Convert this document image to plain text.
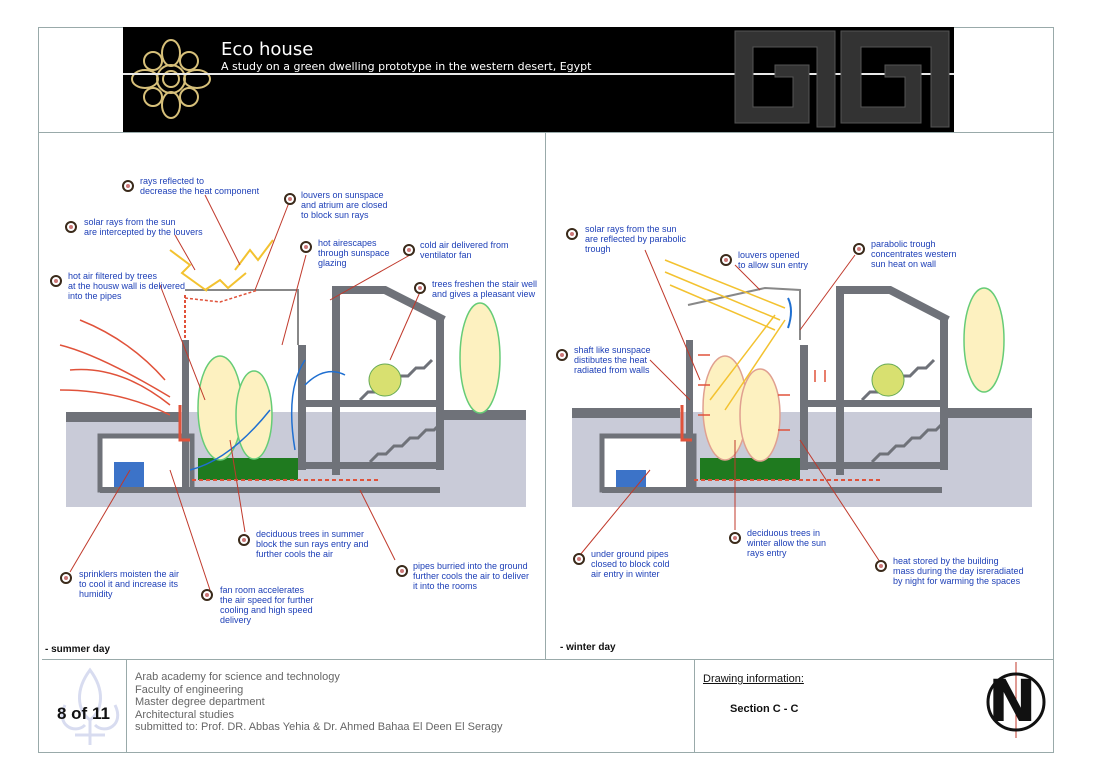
Eco house
A study on a green dwelling prototype in the western desert, Egypt
rays reflected to
decrease the heat component	louvers on sunspace
and atrium are closed
to block sun rays
solar rays from the sun
are intercepted by the louvers
hot airescapes
through sunspace
glazing
cold air delivered from
ventilator fan
hot air filtered by trees
at the housw wall is delivered
into the pipes
trees freshen the stair well
and gives a pleasant view
deciduous trees in summer
block the sun rays entry and
further cools the air
sprinklers moisten the air
to cool it and increase its
humidity
pipes burried into the ground
further cools the air to deliver
it into the rooms
fan room accelerates
the air speed for further
cooling and high speed
delivery
- summer day
solar rays from the sun
are reflected by parabolic
trough
louvers opened
to allow sun entry
parabolic trough
concentrates western
sun heat on wall
shaft like sunspace
distibutes the heat
radiated from walls
deciduous trees in
winter allow the sun
rays entry
under ground pipes
closed to block cold
air entry in winter
heat stored by the building
mass during the day isreradiated
by night for warming the spaces
- winter day
8 of 11
Arab academy for science and technology
Faculty of engineering
Master degree department
Architectural studies
submitted to: Prof. DR. Abbas Yehia & Dr. Ahmed Bahaa El Deen El Seragy
Drawing information:
Section C - C	N
